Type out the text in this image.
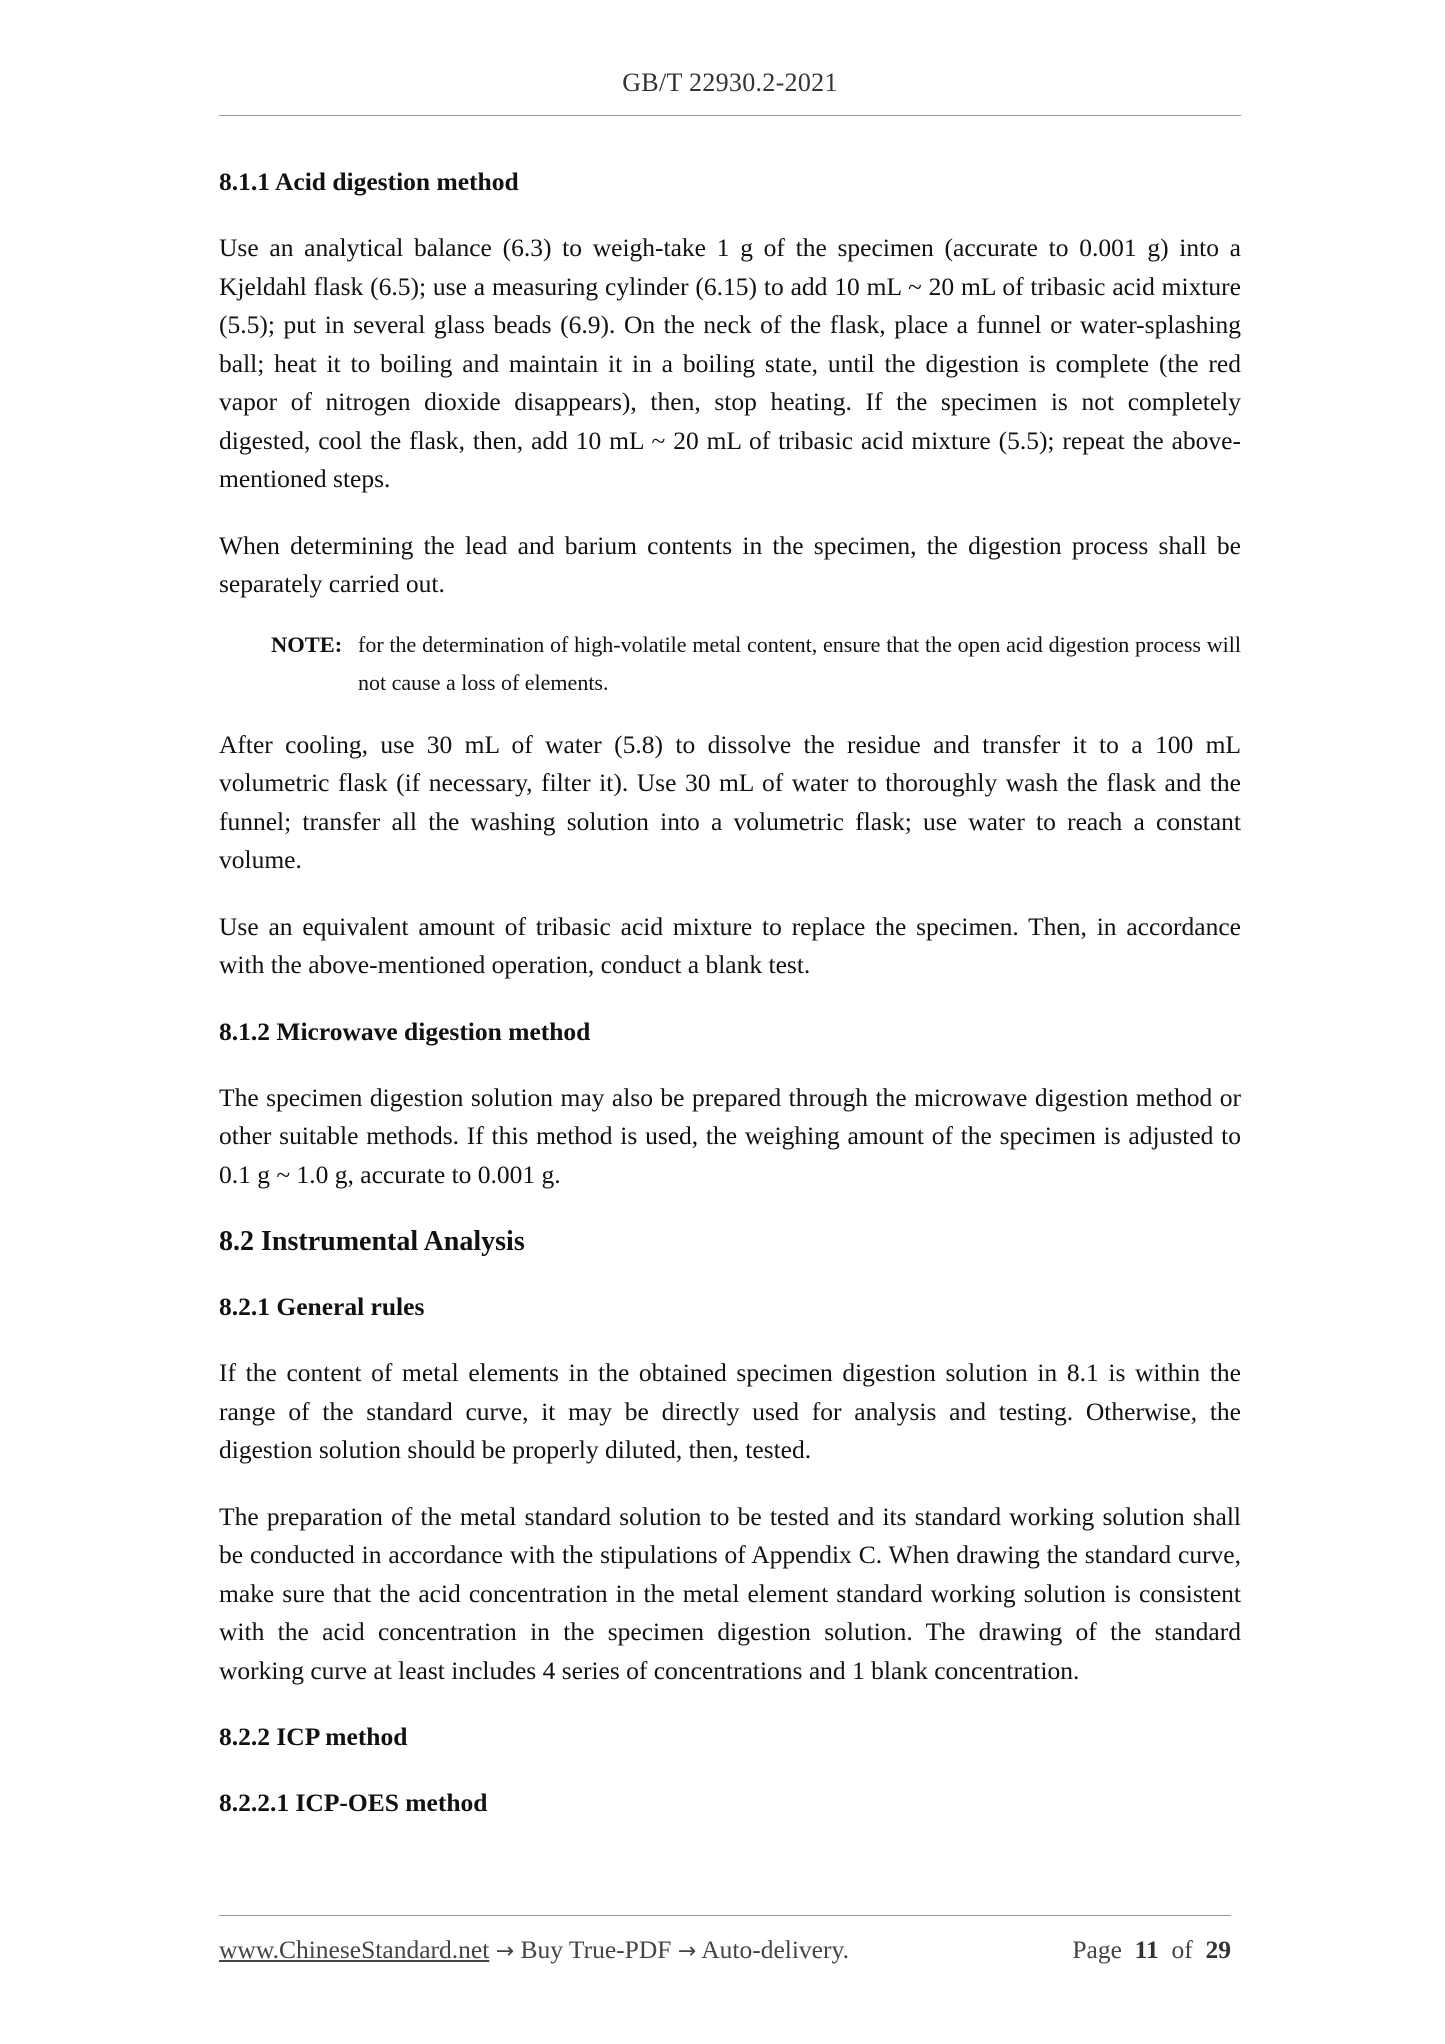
GB/T 22930.2-2021
8.1.1 Acid digestion method
Use an analytical balance (6.3) to weigh-take 1 g of the specimen (accurate to 0.001 g) into a Kjeldahl flask (6.5); use a measuring cylinder (6.15) to add 10 mL ~ 20 mL of tribasic acid mixture (5.5); put in several glass beads (6.9). On the neck of the flask, place a funnel or water-splashing ball; heat it to boiling and maintain it in a boiling state, until the digestion is complete (the red vapor of nitrogen dioxide disappears), then, stop heating. If the specimen is not completely digested, cool the flask, then, add 10 mL ~ 20 mL of tribasic acid mixture (5.5); repeat the above-mentioned steps.
When determining the lead and barium contents in the specimen, the digestion process shall be separately carried out.
NOTE: for the determination of high-volatile metal content, ensure that the open acid digestion process will not cause a loss of elements.
After cooling, use 30 mL of water (5.8) to dissolve the residue and transfer it to a 100 mL volumetric flask (if necessary, filter it). Use 30 mL of water to thoroughly wash the flask and the funnel; transfer all the washing solution into a volumetric flask; use water to reach a constant volume.
Use an equivalent amount of tribasic acid mixture to replace the specimen. Then, in accordance with the above-mentioned operation, conduct a blank test.
8.1.2 Microwave digestion method
The specimen digestion solution may also be prepared through the microwave digestion method or other suitable methods. If this method is used, the weighing amount of the specimen is adjusted to 0.1 g ~ 1.0 g, accurate to 0.001 g.
8.2 Instrumental Analysis
8.2.1 General rules
If the content of metal elements in the obtained specimen digestion solution in 8.1 is within the range of the standard curve, it may be directly used for analysis and testing. Otherwise, the digestion solution should be properly diluted, then, tested.
The preparation of the metal standard solution to be tested and its standard working solution shall be conducted in accordance with the stipulations of Appendix C. When drawing the standard curve, make sure that the acid concentration in the metal element standard working solution is consistent with the acid concentration in the specimen digestion solution. The drawing of the standard working curve at least includes 4 series of concentrations and 1 blank concentration.
8.2.2 ICP method
8.2.2.1 ICP-OES method
www.ChineseStandard.net → Buy True-PDF → Auto-delivery.	Page 11 of 29
